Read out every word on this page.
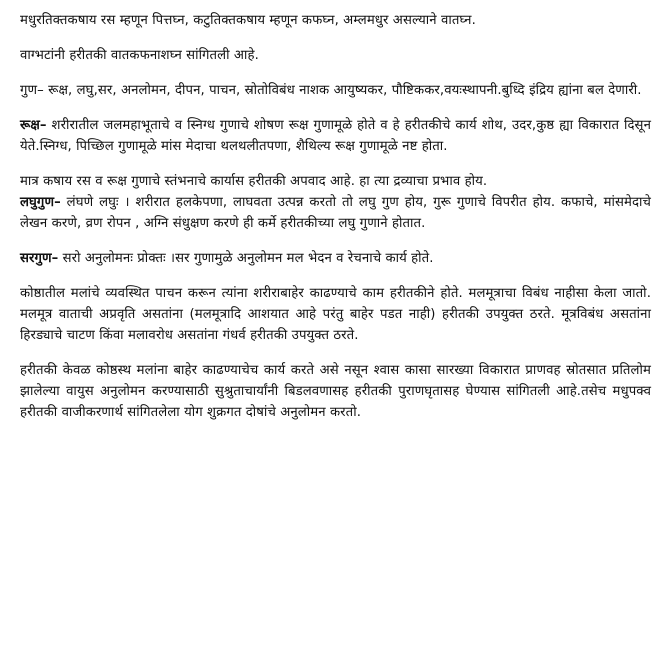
मधुरतिक्तकषाय रस म्हणून पित्तघ्न, कटुतिक्तकषाय म्हणून कफघ्न, अम्लमधुर असल्याने वातघ्न.

वाग्भटांनी हरीतकी वातकफनाशघ्न सांगितली आहे.

गुण– रूक्ष, लघु,सर, अनलोमन, दीपन, पाचन, स्रोतोविबंध नाशक आयुष्यकर, पौष्टिककर,वयःस्थापनी.बुध्दि इंद्रिय ह्यांना बल देणारी.

रूक्ष– शरीरातील जलमहाभूताचे व स्निग्ध गुणाचे शोषण रूक्ष गुणामूळे होते व हे हरीतकीचे कार्य शोथ, उदर,कुष्ठ ह्या विकारात दिसून येते.स्निग्ध, पिच्छिल गुणामूळे मांस मेदाचा थलथलीतपणा, शैथिल्य रूक्ष गुणामूळे नष्ट होता.

मात्र कषाय रस व रूक्ष गुणाचे स्तंभनाचे कार्यास हरीतकी अपवाद आहे. हा त्या द्रव्याचा प्रभाव होय.

लघुगुण– लंघणे लघुः । शरीरात हलकेपणा, लाघवता उत्पन्न करतो तो लघु गुण होय, गुरू गुणाचे विपरीत होय. कफाचे, मांसमेदाचे लेखन करणे, व्रण रोपन , अग्नि संधुक्षण करणे ही कर्मे हरीतकीच्या लघु गुणाने होतात.

सरगुण– सरो अनुलोमनः प्रोक्तः ।सर गुणामुळे अनुलोमन मल भेदन व रेचनाचे कार्य होते.

कोष्ठातील मलांचे व्यवस्थित पाचन करून त्यांना शरीराबाहेर काढण्याचे काम हरीतकीने होते. मलमूत्राचा विबंध नाहीसा केला जातो. मलमूत्र वाताची अप्रवृति असतांना (मलमूत्रादि आशयात आहे परंतु बाहेर पडत नाही) हरीतकी उपयुक्त ठरते. मूत्रविबंध असतांना हिरड्याचे चाटण किंवा मलावरोध असतांना गंधर्व हरीतकी उपयुक्त ठरते.

हरीतकी केवळ कोष्ठस्थ मलांना बाहेर काढण्याचेच कार्य करते असे नसून श्‍वास कासा सारख्या विकारात प्राणवह स्रोतसात प्रतिलोम झालेल्या वायुस अनुलोमन करण्यासाठी सुश्रुताचार्यांनी बिडलवणासह हरीतकी पुराणघृतासह घेण्यास सांगितली आहे.तसेच मधुपक्व हरीतकी वाजीकरणार्थ सांगितलेला योग शुक्रगत दोषांचे अनुलोमन करतो.
